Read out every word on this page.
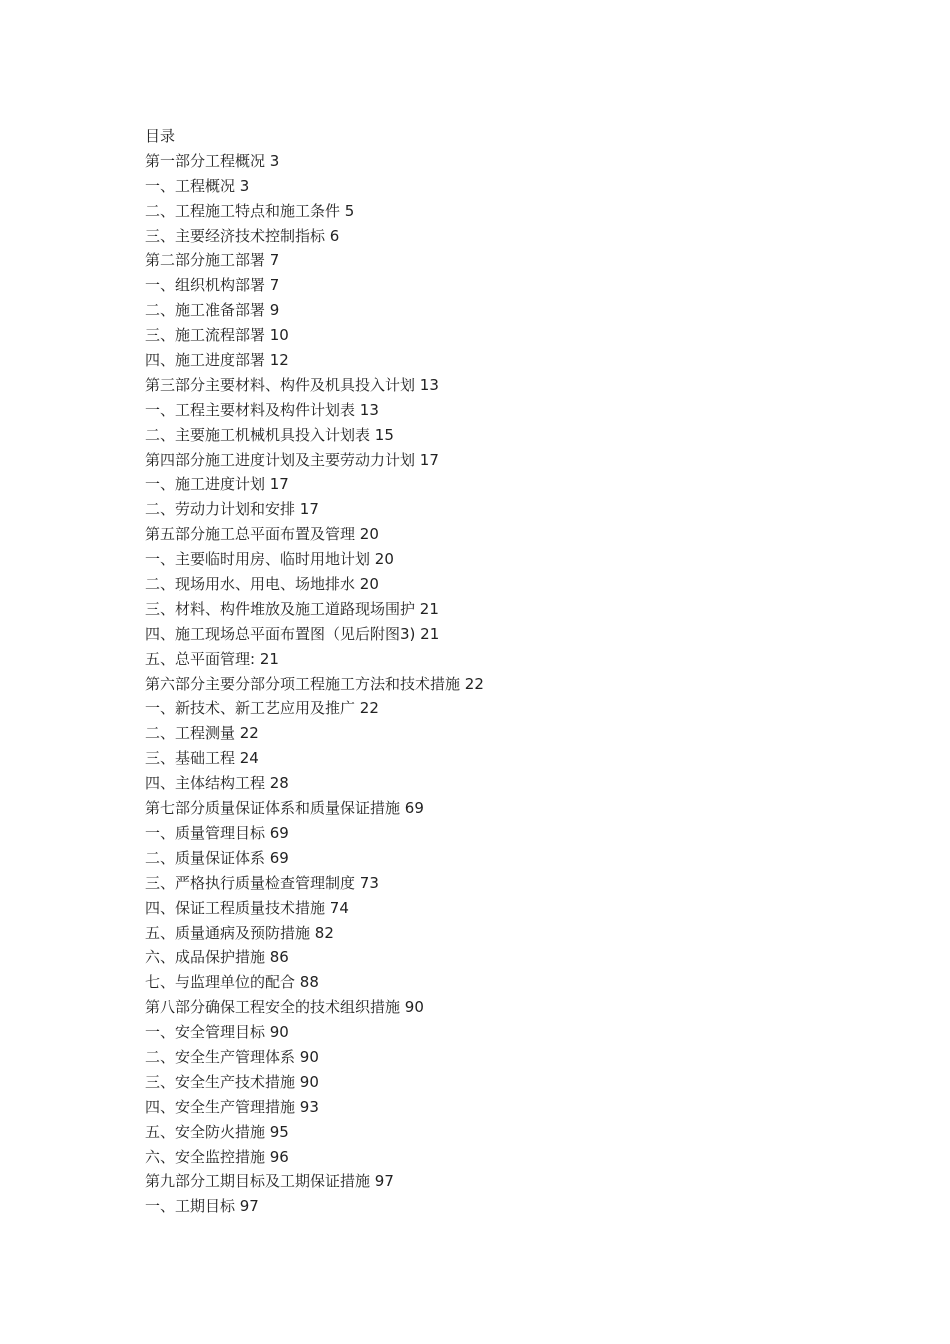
目录
第一部分工程概况 3
一、工程概况 3
二、工程施工特点和施工条件 5
三、主要经济技术控制指标 6
第二部分施工部署 7
一、组织机构部署 7
二、施工准备部署 9
三、施工流程部署 10
四、施工进度部署 12
第三部分主要材料、构件及机具投入计划 13
一、工程主要材料及构件计划表 13
二、主要施工机械机具投入计划表 15
第四部分施工进度计划及主要劳动力计划 17
一、施工进度计划 17
二、劳动力计划和安排 17
第五部分施工总平面布置及管理 20
一、主要临时用房、临时用地计划 20
二、现场用水、用电、场地排水 20
三、材料、构件堆放及施工道路现场围护 21
四、施工现场总平面布置图（见后附图3) 21
五、总平面管理: 21
第六部分主要分部分项工程施工方法和技术措施 22
一、新技术、新工艺应用及推广 22
二、工程测量 22
三、基础工程 24
四、主体结构工程 28
第七部分质量保证体系和质量保证措施 69
一、质量管理目标 69
二、质量保证体系 69
三、严格执行质量检查管理制度 73
四、保证工程质量技术措施 74
五、质量通病及预防措施 82
六、成品保护措施 86
七、与监理单位的配合 88
第八部分确保工程安全的技术组织措施 90
一、安全管理目标 90
二、安全生产管理体系 90
三、安全生产技术措施 90
四、安全生产管理措施 93
五、安全防火措施 95
六、安全监控措施 96
第九部分工期目标及工期保证措施 97
一、工期目标 97
